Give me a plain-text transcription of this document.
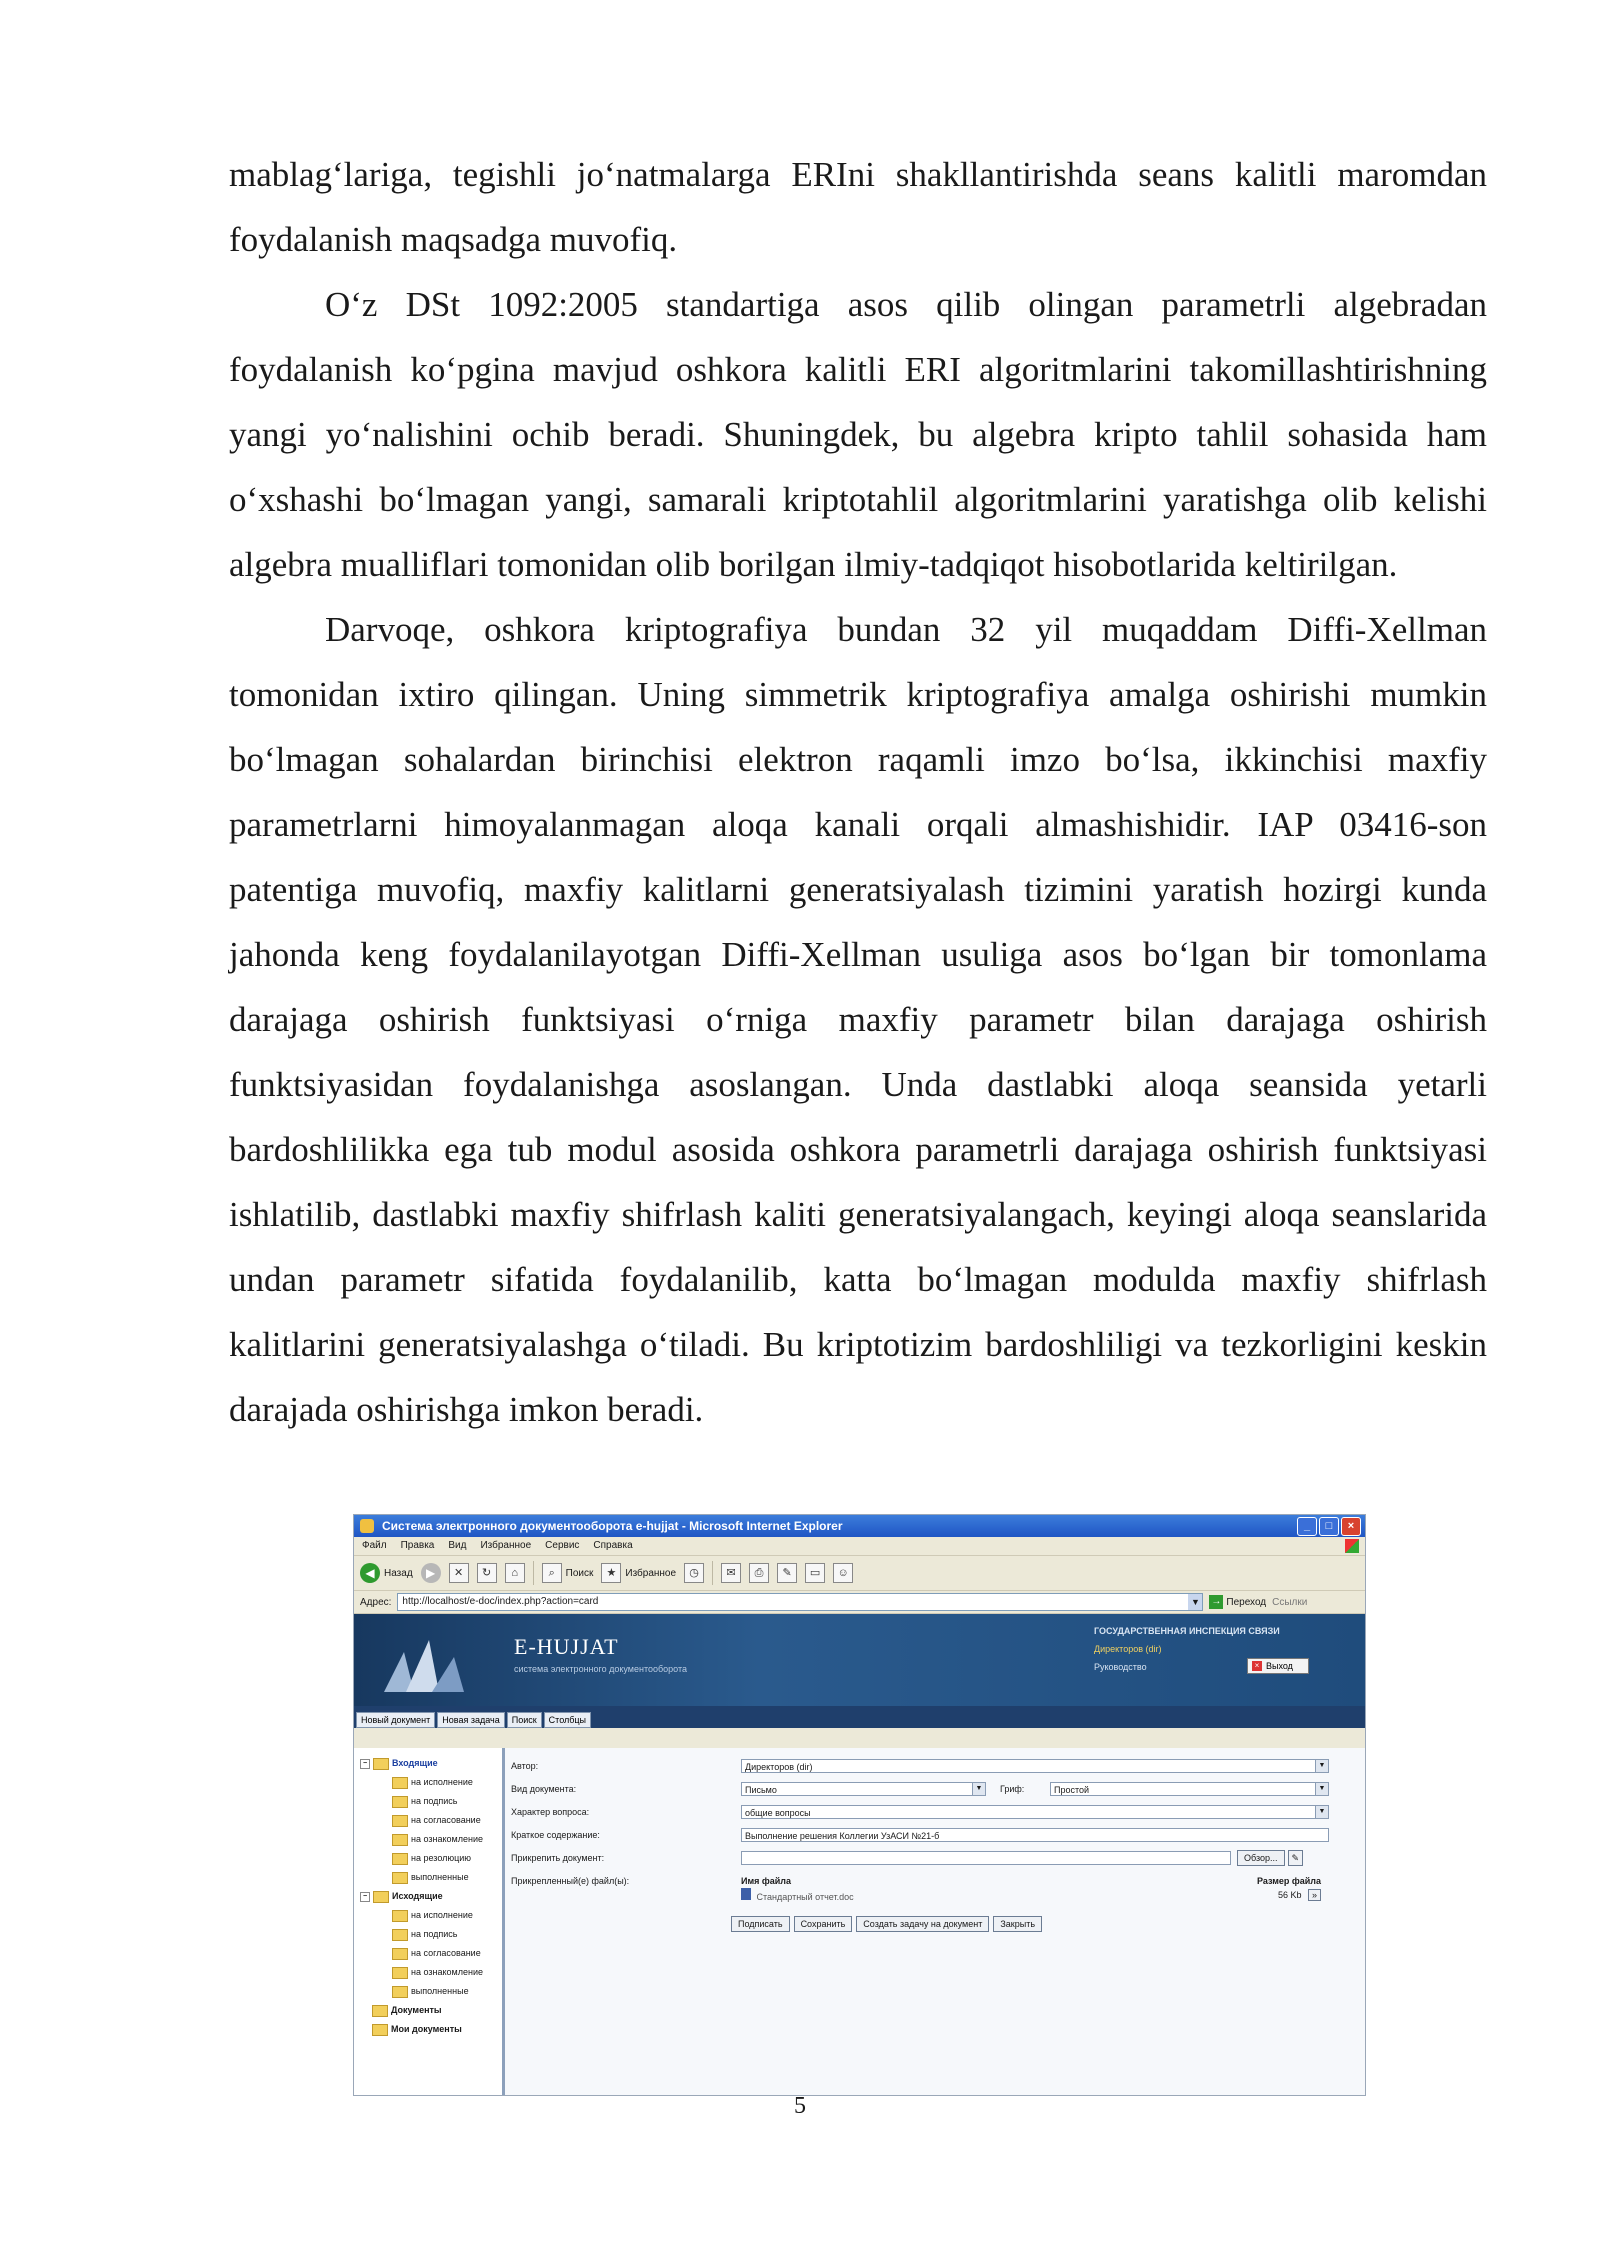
mablag‘lariga, tegishli jo‘natmalarga ERIni shakllantirishda seans kalitli maromdan foydalanish maqsadga muvofiq.

O‘z DSt 1092:2005 standartiga asos qilib olingan parametrli algebradan foydalanish ko‘pgina mavjud oshkora kalitli ERI algoritmlarini takomillashtirishning yangi yo‘nalishini ochib beradi. Shuningdek, bu algebra kripto tahlil sohasida ham o‘xshashi bo‘lmagan yangi, samarali kriptotahlil algoritmlarini yaratishga olib kelishi algebra mualliflari tomonidan olib borilgan ilmiy-tadqiqot hisobotlarida keltirilgan.

Darvoqe, oshkora kriptografiya bundan 32 yil muqaddam Diffi-Xellman tomonidan ixtiro qilingan. Uning simmetrik kriptografiya amalga oshirishi mumkin bo‘lmagan sohalardan birinchisi elektron raqamli imzo bo‘lsa, ikkinchisi maxfiy parametrlarni himoyalanmagan aloqa kanali orqali almashishidir. IAP 03416-son patentiga muvofiq, maxfiy kalitlarni generatsiyalash tizimini yaratish hozirgi kunda jahonda keng foydalanilayotgan Diffi-Xellman usuliga asos bo‘lgan bir tomonlama darajaga oshirish funktsiyasi o‘rniga maxfiy parametr bilan darajaga oshirish funktsiyasidan foydalanishga asoslangan. Unda dastlabki aloqa seansida yetarli bardoshlilikka ega tub modul asosida oshkora parametrli darajaga oshirish funktsiyasi ishlatilib, dastlabki maxfiy shifrlash kaliti generatsiyalangach, keyingi aloqa seanslarida undan parametr sifatida foydalanilib, katta bo‘lmagan modulda maxfiy shifrlash kalitlarini generatsiyalashga o‘tiladi. Bu kriptotizim bardoshliligi va tezkorligini keskin darajada oshirishga imkon beradi.

Система электронного документооборота e-hujjat - Microsoft Internet Explorer	_	□	×
Файл Правка Вид Избранное Сервис Справка
◀ Назад	▶	✕	↻	⌂	⌕	Поиск	★ Избранное	◷	✉	⎙	✎	▭	☺
Адрес:	http://localhost/e-doc/index.php?action=card	▼ → Переход Ссылки
E-HUJJAT
система электронного документооборота
ГОСУДАРСТВЕННАЯ ИНСПЕКЦИЯ СВЯЗИ
Директоров (dir)
Руководство	× Выход
Новый документ	Новая задача	Поиск	Столбцы
−	Входящие
на исполнение
на подпись
на согласование
на ознакомление
на резолюцию
выполненные
−	Исходящие
на исполнение
на подпись
на согласование
на ознакомление
выполненные
Документы
Мои документы
Автор:	Директоров (dir)	▼
Вид документа:	Письмо	▼ Гриф:	Простой	▼
Характер вопроса:	общие вопросы	▼
Краткое содержание:	Выполнение решения Коллегии УзАСИ №21-б
Прикрепить документ:	Обзор...	✎
Прикрепленный(е) файл(ы):	Имя файла	Размер файла
Стандартный отчет.doc	56 Kb »
Подписать	Сохранить	Создать задачу на документ	Закрыть
5
